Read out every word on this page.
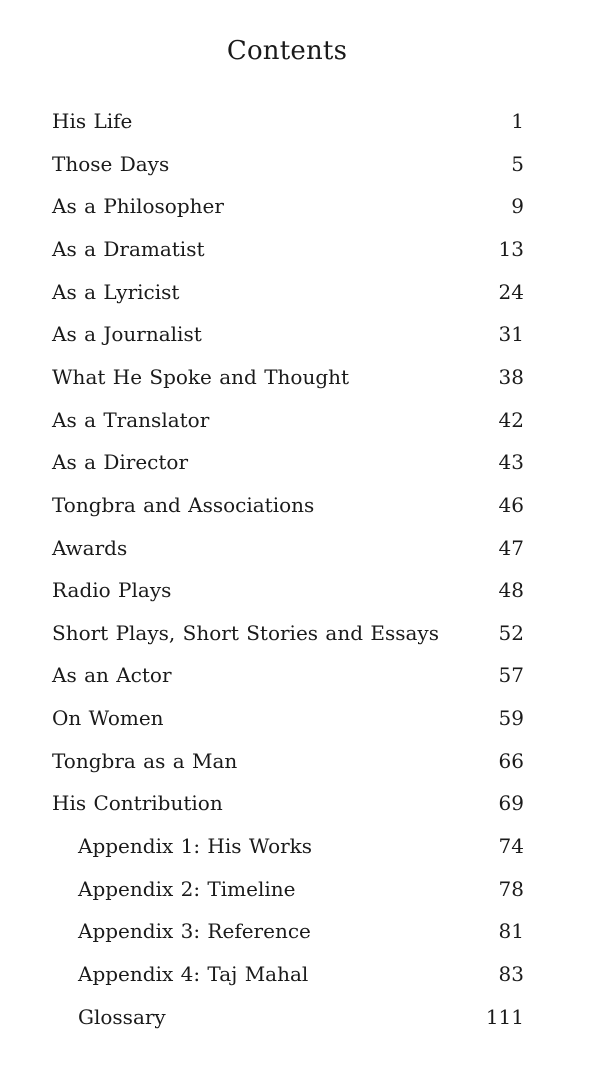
Contents
His Life	1
Those Days	5
As a Philosopher	9
As a Dramatist	13
As a Lyricist	24
As a Journalist	31
What He Spoke and Thought	38
As a Translator	42
As a Director	43
Tongbra and Associations	46
Awards	47
Radio Plays	48
Short Plays, Short Stories and Essays	52
As an Actor	57
On Women	59
Tongbra as a Man	66
His Contribution	69
Appendix 1: His Works	74
Appendix 2: Timeline	78
Appendix 3: Reference	81
Appendix 4: Taj Mahal	83
Glossary	111
